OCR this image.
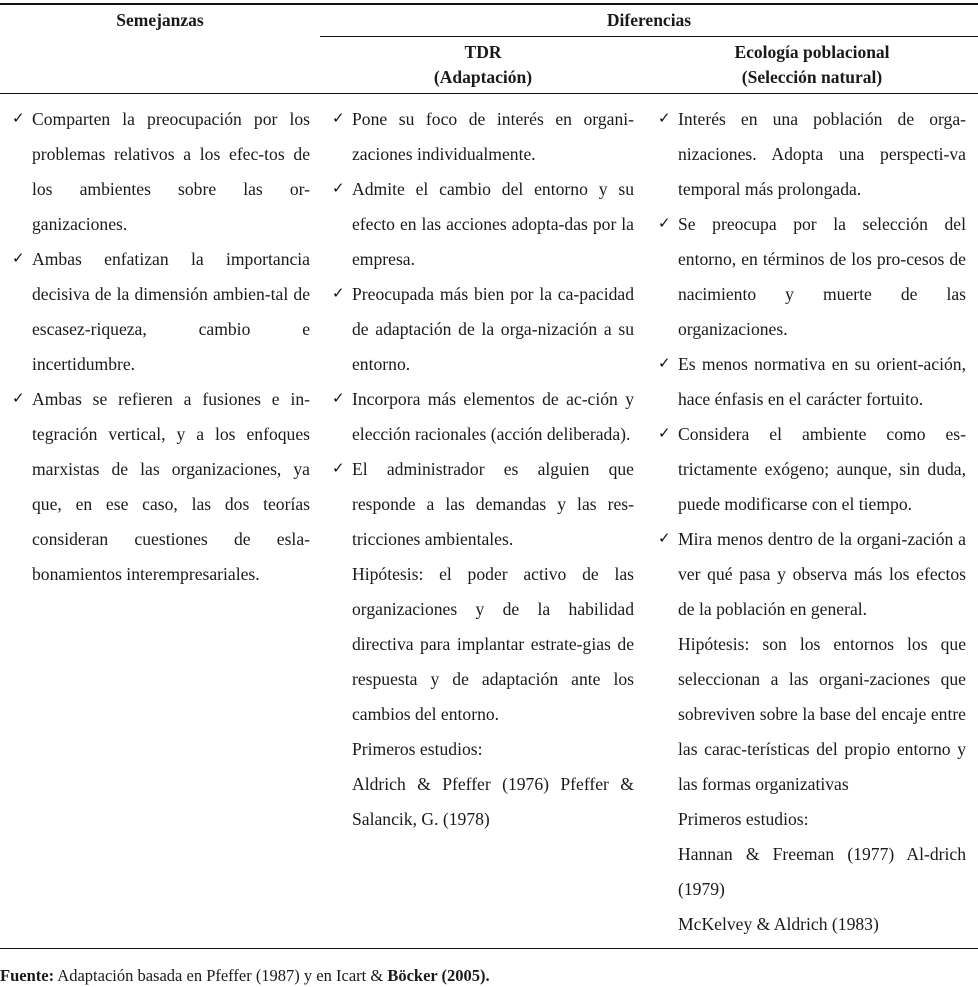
Semejanzas	Diferencias
TDR
(Adaptación)
Ecología poblacional
(Selección natural)
✓ Comparten la preocupación por los problemas relativos a los efec-tos de los ambientes sobre las or-ganizaciones.
✓ Ambas enfatizan la importancia decisiva de la dimensión ambien-tal de escasez-riqueza, cambio e incertidumbre.
✓ Ambas se refieren a fusiones e in-tegración vertical, y a los enfoques marxistas de las organizaciones, ya que, en ese caso, las dos teorías consideran cuestiones de esla-bonamientos interempresariales.
✓ Pone su foco de interés en organi-zaciones individualmente.
✓ Admite el cambio del entorno y su efecto en las acciones adopta-das por la empresa.
✓ Preocupada más bien por la ca-pacidad de adaptación de la orga-nización a su entorno.
✓ Incorpora más elementos de ac-ción y elección racionales (acción deliberada).
✓ El administrador es alguien que responde a las demandas y las res-tricciones ambientales.
Hipótesis: el poder activo de las organizaciones y de la habilidad directiva para implantar estrate-gias de respuesta y de adaptación ante los cambios del entorno.
Primeros estudios:
Aldrich & Pfeffer (1976) Pfeffer & Salancik, G. (1978)
✓ Interés en una población de orga-nizaciones. Adopta una perspecti-va temporal más prolongada.
✓ Se preocupa por la selección del entorno, en términos de los pro-cesos de nacimiento y muerte de las organizaciones.
✓ Es menos normativa en su orient-ación, hace énfasis en el carácter fortuito.
✓ Considera el ambiente como es-trictamente exógeno; aunque, sin duda, puede modificarse con el tiempo.
✓ Mira menos dentro de la organi-zación a ver qué pasa y observa más los efectos de la población en general.
Hipótesis: son los entornos los que seleccionan a las organi-zaciones que sobreviven sobre la base del encaje entre las carac-terísticas del propio entorno y las formas organizativas
Primeros estudios:
Hannan & Freeman (1977) Al-drich (1979)
McKelvey & Aldrich (1983)
Fuente: Adaptación basada en Pfeffer (1987) y en Icart & Böcker (2005).
